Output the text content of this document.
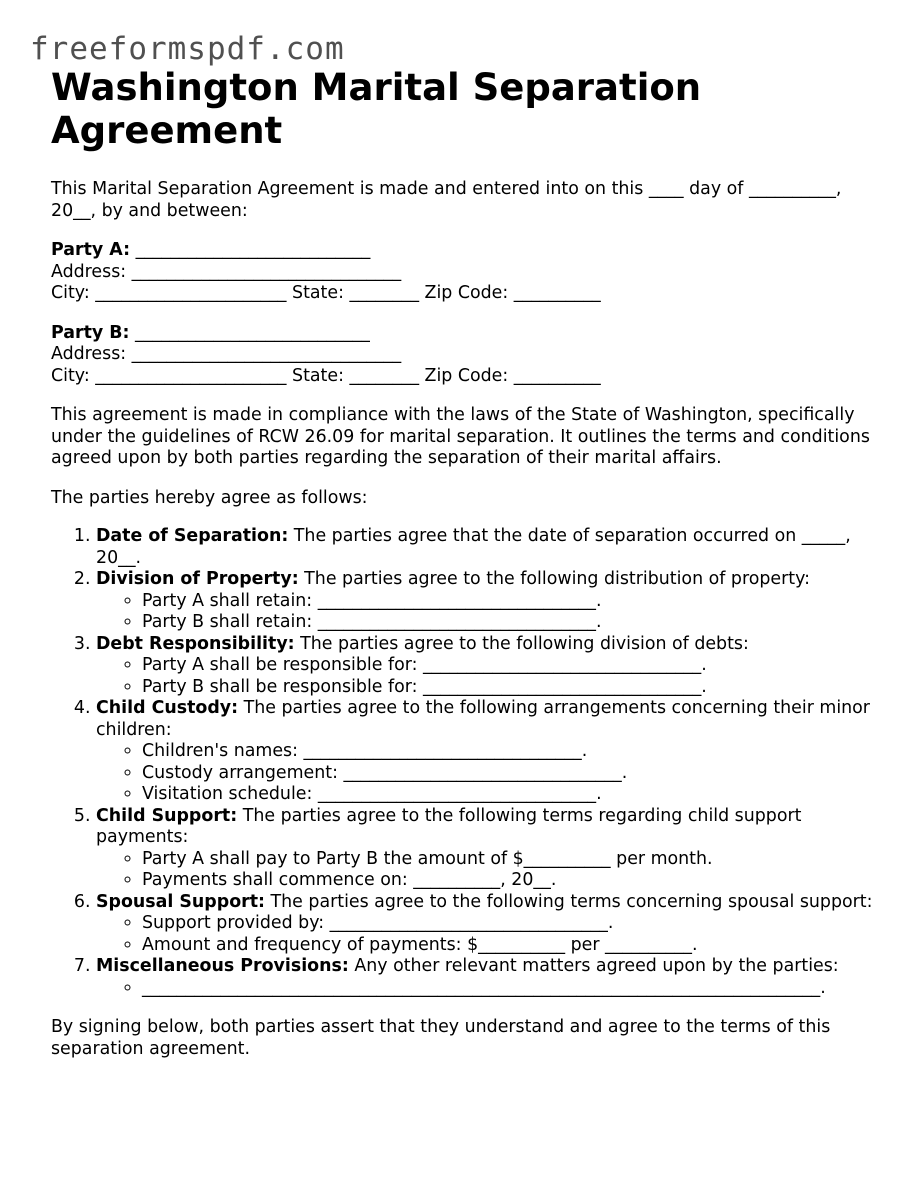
freeformspdf.com
Washington Marital Separation Agreement

This Marital Separation Agreement is made and entered into on this ____ day of __________, 20__, by and between:

Party A: ___________________________
Address: _______________________________
City: ______________________ State: ________ Zip Code: __________
Party B: ___________________________
Address: _______________________________
City: ______________________ State: ________ Zip Code: __________

This agreement is made in compliance with the laws of the State of Washington, specifically under the guidelines of RCW 26.09 for marital separation. It outlines the terms and conditions agreed upon by both parties regarding the separation of their marital affairs.

The parties hereby agree as follows:

1. Date of Separation: The parties agree that the date of separation occurred on _____, 20__.
2. Division of Property: The parties agree to the following distribution of property:
◦ Party A shall retain: ________________________________.
◦ Party B shall retain: ________________________________.
3. Debt Responsibility: The parties agree to the following division of debts:
◦ Party A shall be responsible for: ________________________________.
◦ Party B shall be responsible for: ________________________________.
4. Child Custody: The parties agree to the following arrangements concerning their minor children:
◦ Children's names: ________________________________.
◦ Custody arrangement: ________________________________.
◦ Visitation schedule: ________________________________.
5. Child Support: The parties agree to the following terms regarding child support payments:
◦ Party A shall pay to Party B the amount of $__________ per month.
◦ Payments shall commence on: __________, 20__.
6. Spousal Support: The parties agree to the following terms concerning spousal support:
◦ Support provided by: ________________________________.
◦ Amount and frequency of payments: $__________ per __________.
7. Miscellaneous Provisions: Any other relevant matters agreed upon by the parties:
◦ ______________________________________________________________________________.

By signing below, both parties assert that they understand and agree to the terms of this separation agreement.
